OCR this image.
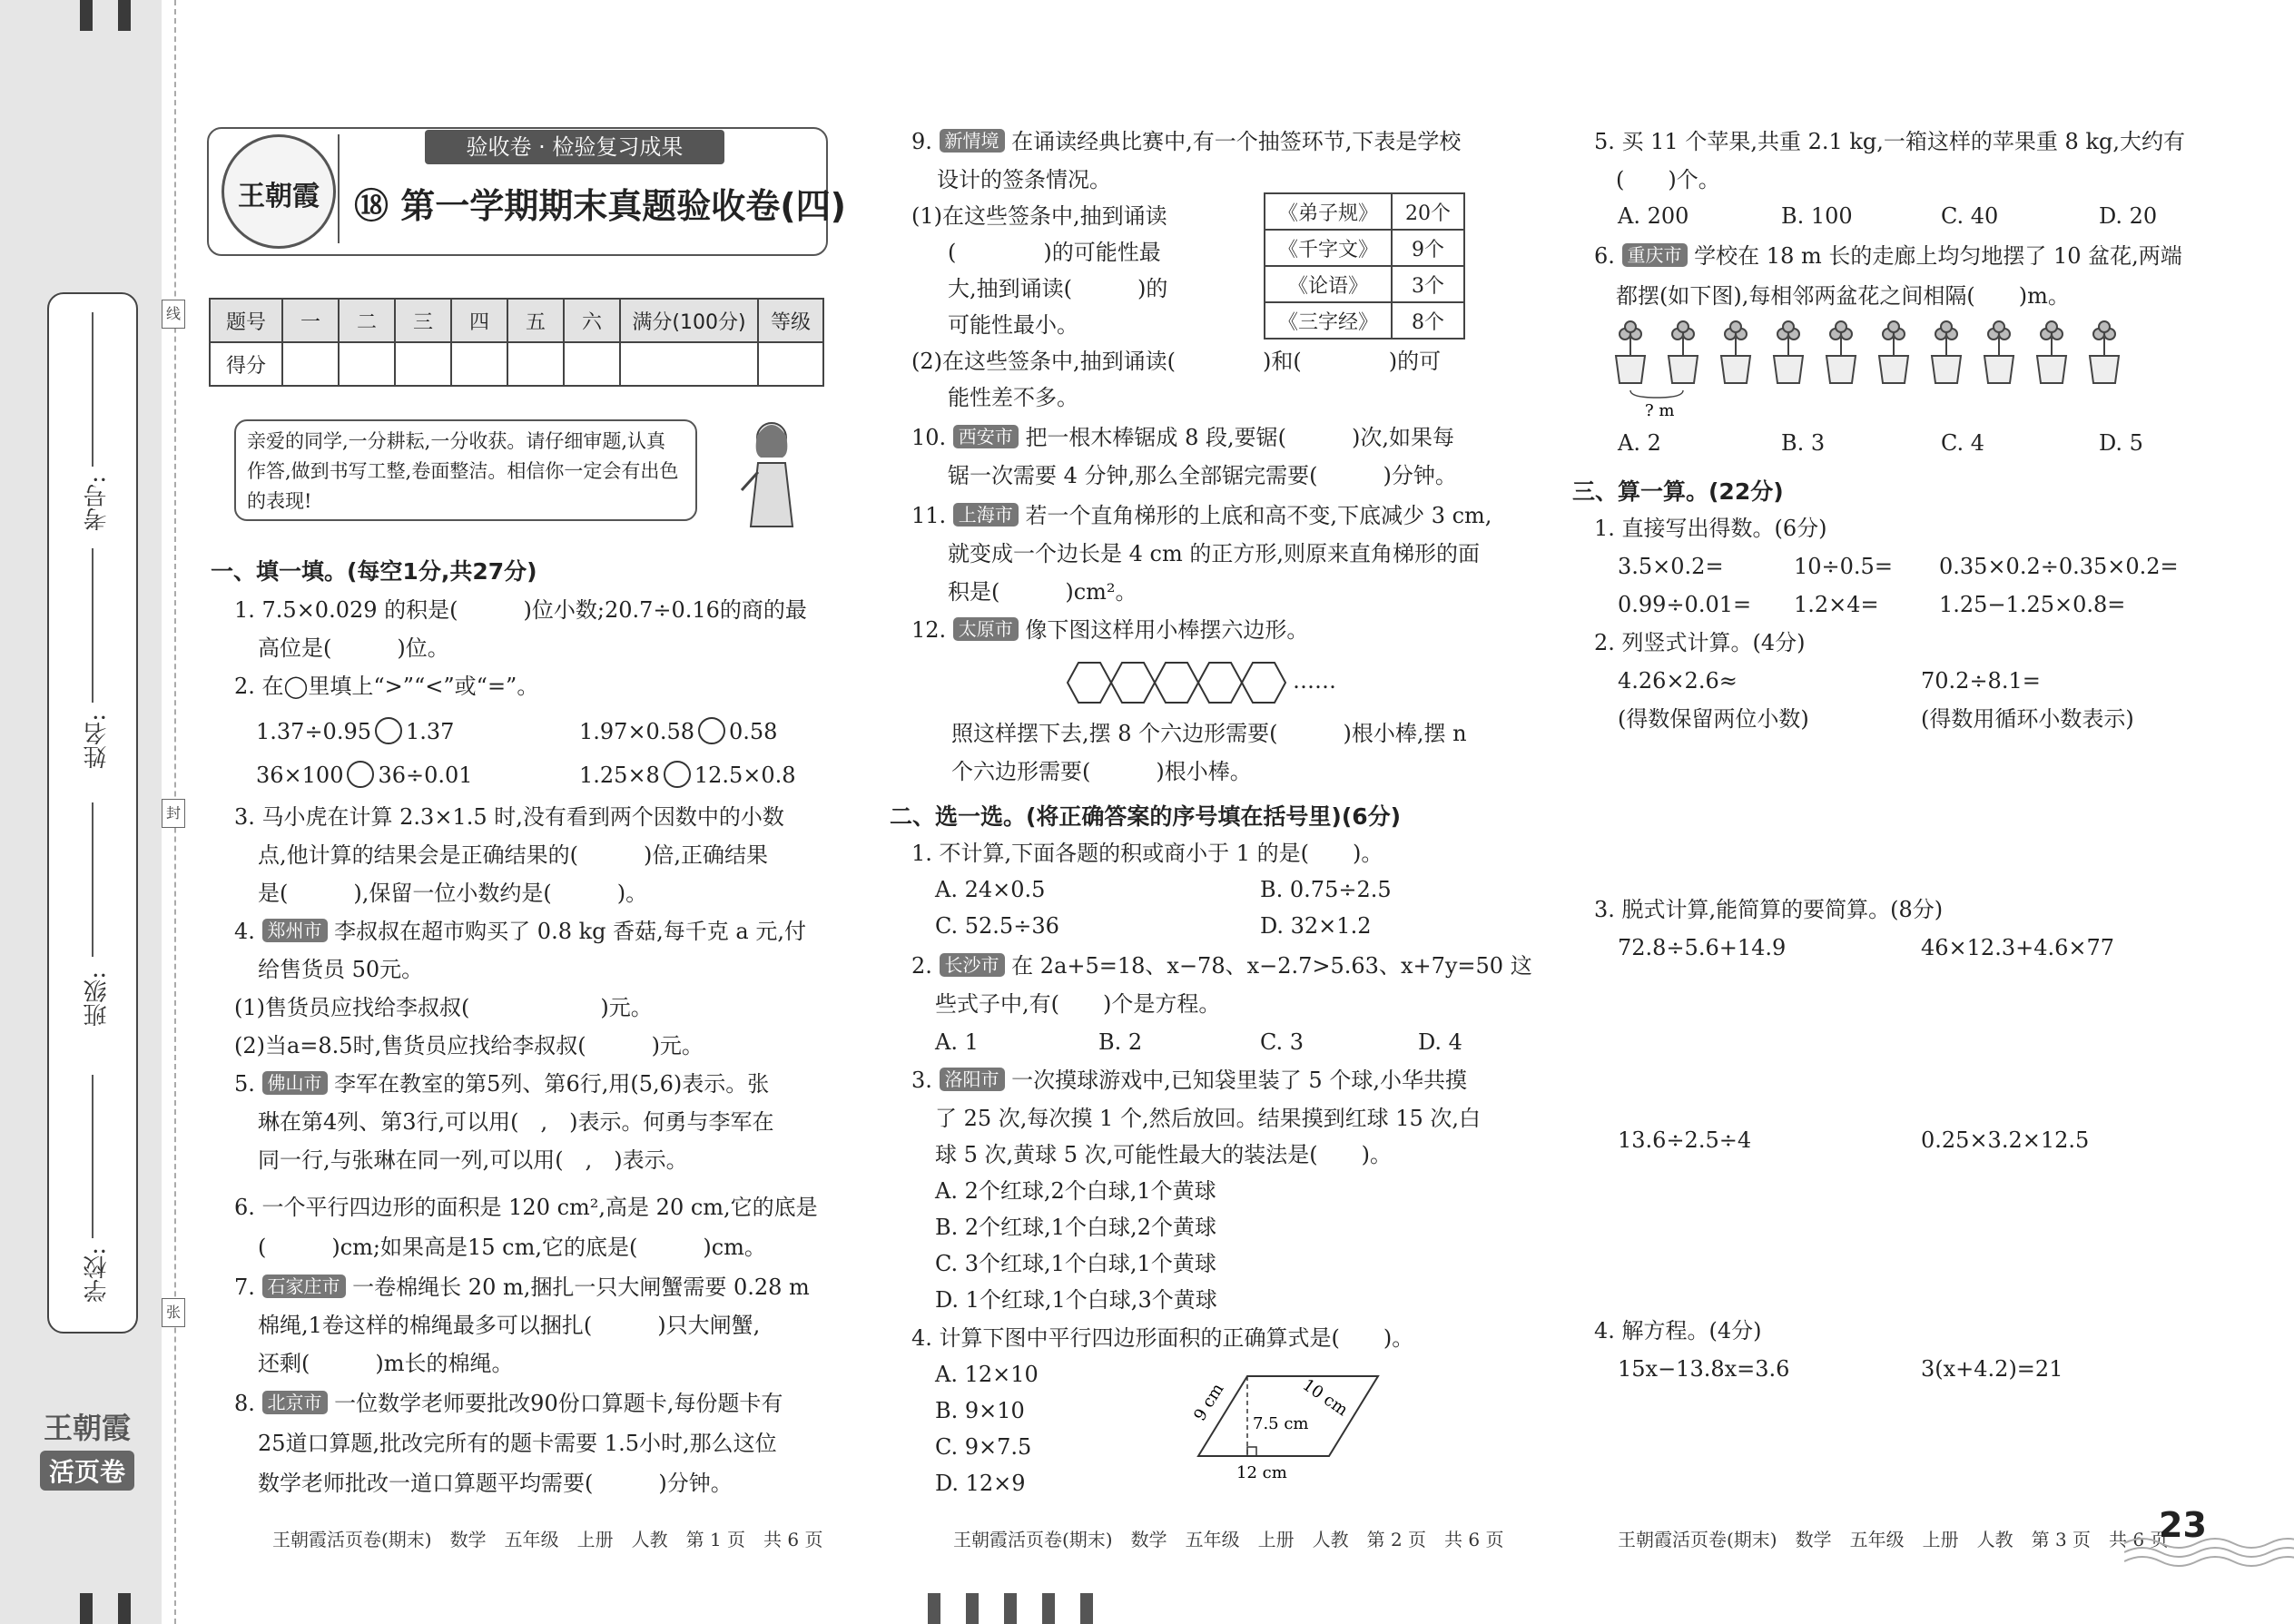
考号:
姓名:
班级:
学校:
线
封
张
王朝霞
活页卷
王朝霞
验收卷 · 检验复习成果
⑱ 第一学期期末真题验收卷(四)
题号	一	二	三	四	五	六	满分(100分)	等级
得分								
亲爱的同学,一分耕耘,一分收获。请仔细审题,认真作答,做到书写工整,卷面整洁。相信你一定会有出色的表现!
一、填一填。(每空1分,共27分)
1. 7.5×0.029 的积是(　　　)位小数;20.7÷0.16的商的最
高位是(　　　)位。
2. 在◯里填上“>”“<”或“=”。
1.37÷0.95 1.37	1.97×0.58 0.58
36×100 36÷0.01	1.25×8 12.5×0.8
3. 马小虎在计算 2.3×1.5 时,没有看到两个因数中的小数
点,他计算的结果会是正确结果的(　　　)倍,正确结果
是(　　　),保留一位小数约是(　　　)。
4. 郑州市 李叔叔在超市购买了 0.8 kg 香菇,每千克 a 元,付
给售货员 50元。
(1)售货员应找给李叔叔(　　　　　　)元。
(2)当a=8.5时,售货员应找给李叔叔(　　　)元。
5. 佛山市 李军在教室的第5列、第6行,用(5,6)表示。张
琳在第4列、第3行,可以用(　,　)表示。何勇与李军在
同一行,与张琳在同一列,可以用(　,　)表示。
6. 一个平行四边形的面积是 120 cm²,高是 20 cm,它的底是
(　　　)cm;如果高是15 cm,它的底是(　　　)cm。
7. 石家庄市 一卷棉绳长 20 m,捆扎一只大闸蟹需要 0.28 m
棉绳,1卷这样的棉绳最多可以捆扎(　　　)只大闸蟹,
还剩(　　　)m长的棉绳。
8. 北京市 一位数学老师要批改90份口算题卡,每份题卡有
25道口算题,批改完所有的题卡需要 1.5小时,那么这位
数学老师批改一道口算题平均需要(　　　)分钟。
王朝霞活页卷(期末)　数学　五年级　上册　人教　第 1 页　共 6 页
9. 新情境 在诵读经典比赛中,有一个抽签环节,下表是学校
设计的签条情况。
(1)在这些签条中,抽到诵读
(　　　　)的可能性最
大,抽到诵读(　　　)的
可能性最小。
《弟子规》	20个
《千字文》	9个
《论语》	3个
《三字经》	8个
(2)在这些签条中,抽到诵读(　　　　)和(　　　　)的可
能性差不多。
10. 西安市 把一根木棒锯成 8 段,要锯(　　　)次,如果每
锯一次需要 4 分钟,那么全部锯完需要(　　　)分钟。
11. 上海市 若一个直角梯形的上底和高不变,下底减少 3 cm,
就变成一个边长是 4 cm 的正方形,则原来直角梯形的面
积是(　　　)cm²。
12. 太原市 像下图这样用小棒摆六边形。
……
照这样摆下去,摆 8 个六边形需要(　　　)根小棒,摆 n
个六边形需要(　　　)根小棒。
二、选一选。(将正确答案的序号填在括号里)(6分)
1. 不计算,下面各题的积或商小于 1 的是(　　)。
A. 24×0.5	B. 0.75÷2.5
C. 52.5÷36	D. 32×1.2
2. 长沙市 在 2a+5=18、x−78、x−2.7>5.63、x+7y=50 这
些式子中,有(　　)个是方程。
A. 1	B. 2	C. 3	D. 4
3. 洛阳市 一次摸球游戏中,已知袋里装了 5 个球,小华共摸
了 25 次,每次摸 1 个,然后放回。结果摸到红球 15 次,白
球 5 次,黄球 5 次,可能性最大的装法是(　　)。
A. 2个红球,2个白球,1个黄球
B. 2个红球,1个白球,2个黄球
C. 3个红球,1个白球,1个黄球
D. 1个红球,1个白球,3个黄球
4. 计算下图中平行四边形面积的正确算式是(　　)。
A. 12×10
B. 9×10
C. 9×7.5
D. 12×9
9 cm	10 cm
7.5 cm
12 cm
王朝霞活页卷(期末)　数学　五年级　上册　人教　第 2 页　共 6 页
5. 买 11 个苹果,共重 2.1 kg,一箱这样的苹果重 8 kg,大约有
(　　)个。
A. 200	B. 100	C. 40	D. 20
6. 重庆市 学校在 18 m 长的走廊上均匀地摆了 10 盆花,两端
都摆(如下图),每相邻两盆花之间相隔(　　)m。
? m
A. 2	B. 3	C. 4	D. 5
三、算一算。(22分)
1. 直接写出得数。(6分)
3.5×0.2=	10÷0.5= 0.35×0.2÷0.35×0.2=
0.99÷0.01= 1.2×4=	1.25−1.25×0.8=
2. 列竖式计算。(4分)
4.26×2.6≈	70.2÷8.1=
(得数保留两位小数)	(得数用循环小数表示)
3. 脱式计算,能简算的要简算。(8分)
72.8÷5.6+14.9	46×12.3+4.6×77
13.6÷2.5÷4	0.25×3.2×12.5
4. 解方程。(4分)
15x−13.8x=3.6	3(x+4.2)=21
王朝霞活页卷(期末)　数学　五年级　上册　人教　第 3 页　共 6 页
23
